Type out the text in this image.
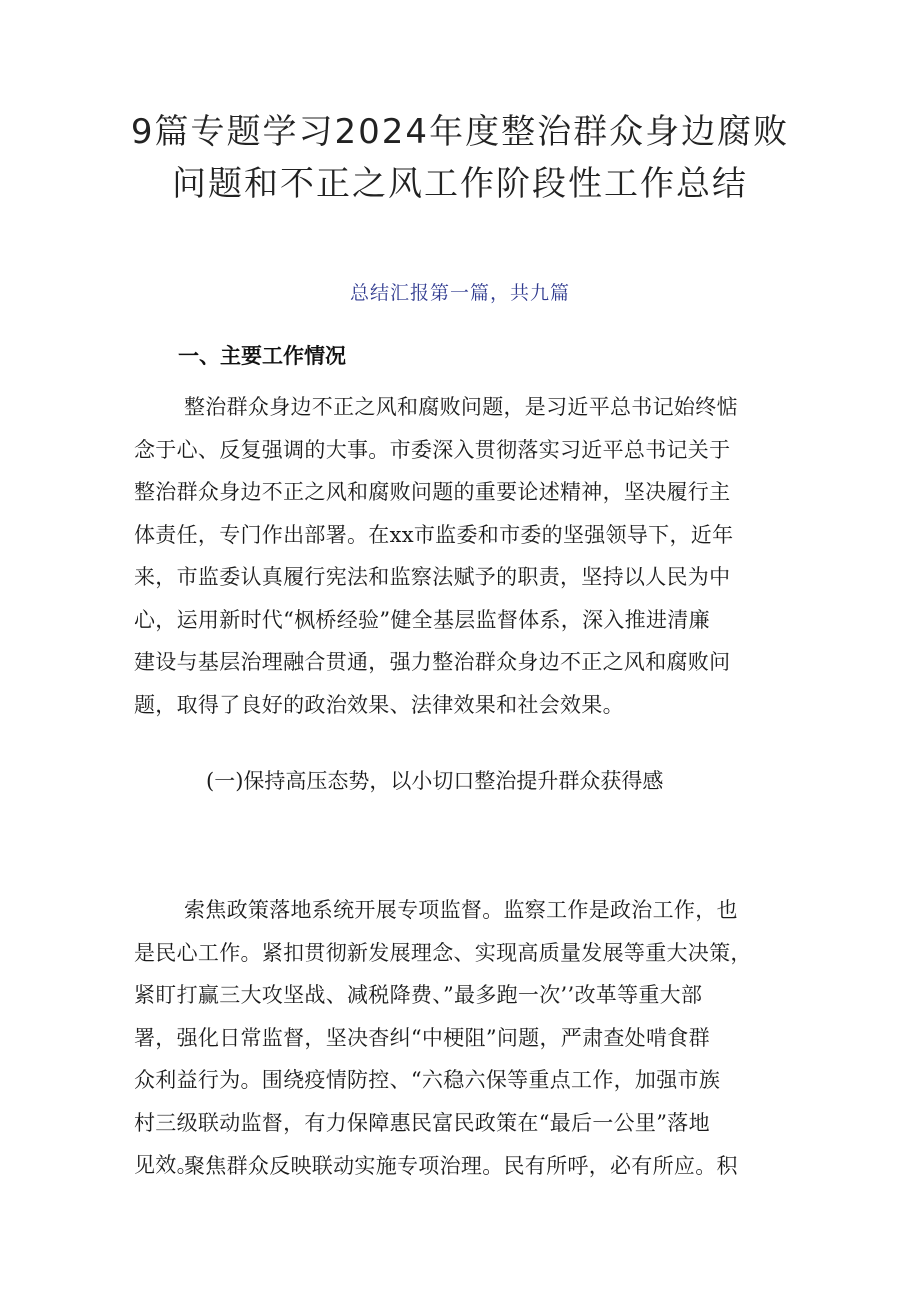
9篇专题学习2024年度整治群众身边腐败
问题和不正之风工作阶段性工作总结
总结汇报第一篇，共九篇
一、主要工作情况
整治群众身边不正之风和腐败问题，是习近平总书记始终惦
念于心、反复强调的大事。市委深入贯彻落实习近平总书记关于
整治群众身边不正之风和腐败问题的重要论述精神，坚决履行主
体责任，专门作出部署。在xx市监委和市委的坚强领导下，近年
来，市监委认真履行宪法和监察法赋予的职责，坚持以人民为中
心，运用新时代“枫桥经验”健全基层监督体系，深入推进清廉
建设与基层治理融合贯通，强力整治群众身边不正之风和腐败问
题，取得了良好的政治效果、法律效果和社会效果。
(一)保持高压态势，以小切口整治提升群众获得感
索焦政策落地系统开展专项监督。监察工作是政治工作，也
是民心工作。紧扣贯彻新发展理念、实现高质量发展等重大决策，
紧盯打赢三大攻坚战、减税降费、”最多跑一次’’改革等重大部
署，强化日常监督，坚决杳纠“中梗阻”问题，严肃查处啃食群
众利益行为。围绕疫情防控、“六稳六保等重点工作，加强市族
村三级联动监督，有力保障惠民富民政策在“最后一公里”落地
见效。
聚焦群众反映联动实施专项治理。民有所呼，必有所应。积
